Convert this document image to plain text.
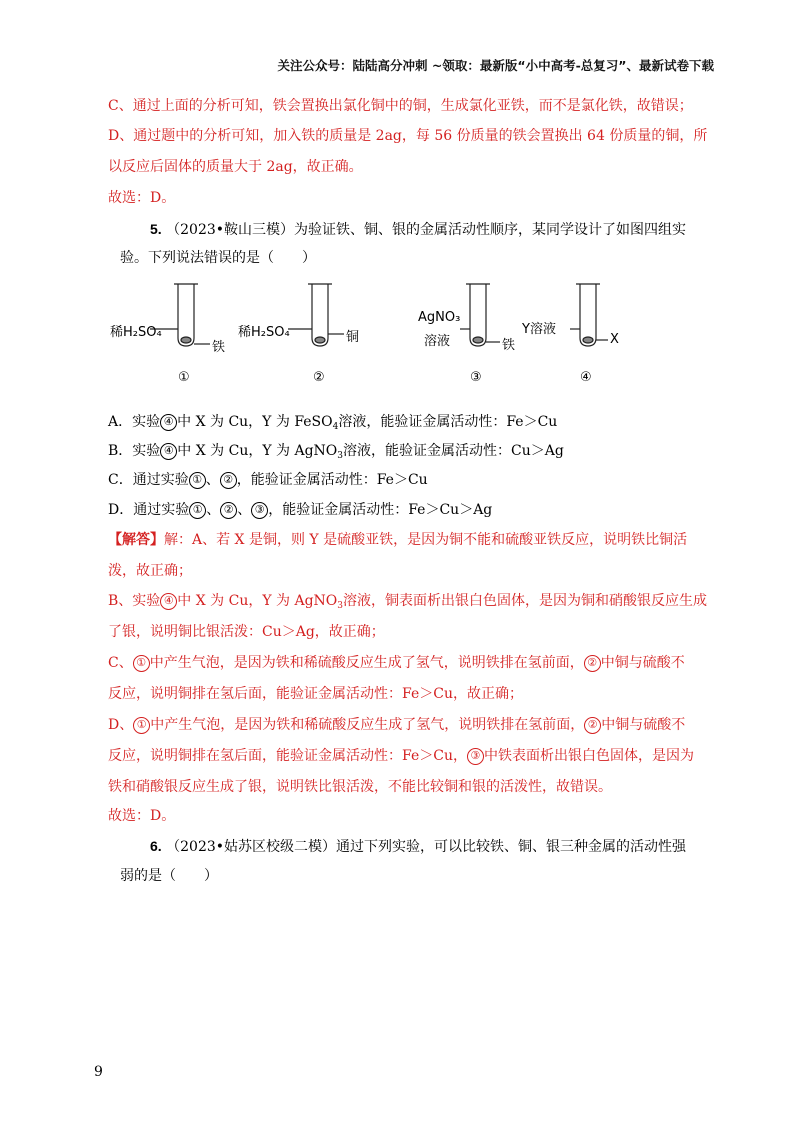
关注公众号：陆陆高分冲刺 ~领取：最新版“小中高考-总复习”、最新试卷下载
C、通过上面的分析可知，铁会置换出氯化铜中的铜，生成氯化亚铁，而不是氯化铁，故错误；
D、通过题中的分析可知，加入铁的质量是 2ag，每 56 份质量的铁会置换出 64 份质量的铜，所
以反应后固体的质量大于 2ag，故正确。
故选：D。
5. （2023•鞍山三模）为验证铁、铜、银的金属活动性顺序，某同学设计了如图四组实
验。下列说法错误的是（　　）
稀H₂SO₄
铁
①
稀H₂SO₄	铜
②
AgNO₃
溶液	铁
③
Y溶液
X
④
A．实验 ④ 中 X 为 Cu，Y 为 FeSO$_4$溶液，能验证金属活动性：Fe＞Cu
B．实验 ④ 中 X 为 Cu，Y 为 AgNO$_3$溶液，能验证金属活动性：Cu＞Ag
C．通过实验 ① 、 ② ，能验证金属活动性：Fe＞Cu
D．通过实验 ① 、 ② 、 ③ ，能验证金属活动性：Fe＞Cu＞Ag
【解答】解：A、若 X 是铜，则 Y 是硫酸亚铁，是因为铜不能和硫酸亚铁反应，说明铁比铜活
泼，故正确；
B、实验 ④ 中 X 为 Cu，Y 为 AgNO$_3$溶液，铜表面析出银白色固体，是因为铜和硝酸银反应生成
了银，说明铜比银活泼：Cu＞Ag，故正确；
C、 ① 中产生气泡，是因为铁和稀硫酸反应生成了氢气，说明铁排在氢前面， ② 中铜与硫酸不
反应，说明铜排在氢后面，能验证金属活动性：Fe＞Cu，故正确；
D、 ① 中产生气泡，是因为铁和稀硫酸反应生成了氢气，说明铁排在氢前面， ② 中铜与硫酸不
反应，说明铜排在氢后面，能验证金属活动性：Fe＞Cu， ③ 中铁表面析出银白色固体，是因为
铁和硝酸银反应生成了银，说明铁比银活泼，不能比较铜和银的活泼性，故错误。
故选：D。
6. （2023•姑苏区校级二模）通过下列实验，可以比较铁、铜、银三种金属的活动性强
弱的是（　　）
9
